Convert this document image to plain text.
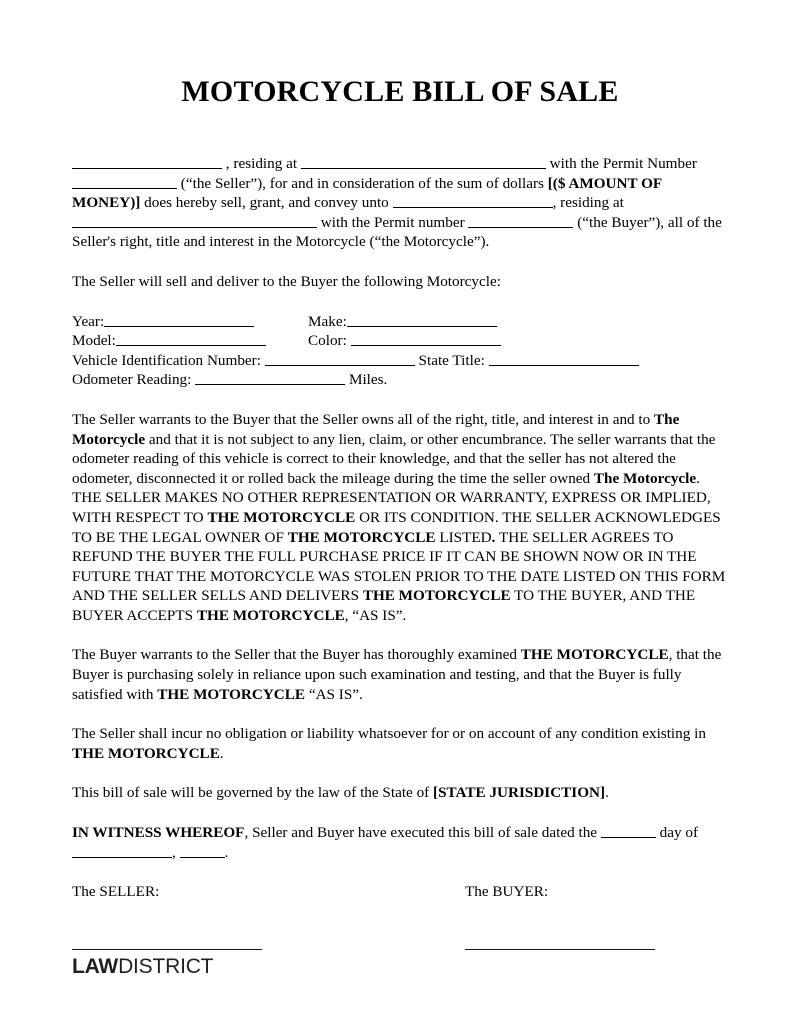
MOTORCYCLE BILL OF SALE

, residing at	with the Permit Number  (“the Seller”), for and in consideration of the sum of dollars [($ AMOUNT OF MONEY)] does hereby sell, grant, and convey unto	, residing at  with the Permit number	(“the Buyer”), all of the Seller's right, title and interest in the Motorcycle (“the Motorcycle”).

The Seller will sell and deliver to the Buyer the following Motorcycle:

Year:	Make:
Model:	Color:
Vehicle Identification Number:	State Title:
Odometer Reading:	Miles.

The Seller warrants to the Buyer that the Seller owns all of the right, title, and interest in and to The Motorcycle and that it is not subject to any lien, claim, or other encumbrance. The seller warrants that the odometer reading of this vehicle is correct to their knowledge, and that the seller has not altered the odometer, disconnected it or rolled back the mileage during the time the seller owned The Motorcycle. THE SELLER MAKES NO OTHER REPRESENTATION OR WARRANTY, EXPRESS OR IMPLIED, WITH RESPECT TO THE MOTORCYCLE OR ITS CONDITION. THE SELLER ACKNOWLEDGES TO BE THE LEGAL OWNER OF THE MOTORCYCLE LISTED. THE SELLER AGREES TO REFUND THE BUYER THE FULL PURCHASE PRICE IF IT CAN BE SHOWN NOW OR IN THE FUTURE THAT THE MOTORCYCLE WAS STOLEN PRIOR TO THE DATE LISTED ON THIS FORM AND THE SELLER SELLS AND DELIVERS THE MOTORCYCLE TO THE BUYER, AND THE BUYER ACCEPTS THE MOTORCYCLE, “AS IS”.

The Buyer warrants to the Seller that the Buyer has thoroughly examined THE MOTORCYCLE, that the Buyer is purchasing solely in reliance upon such examination and testing, and that the Buyer is fully satisfied with THE MOTORCYCLE “AS IS”.

The Seller shall incur no obligation or liability whatsoever for or on account of any condition existing in THE MOTORCYCLE.

This bill of sale will be governed by the law of the State of [STATE JURISDICTION].

IN WITNESS WHEREOF, Seller and Buyer have executed this bill of sale dated the	day of ,	.

The SELLER:	The BUYER:
LAWDISTRICT
